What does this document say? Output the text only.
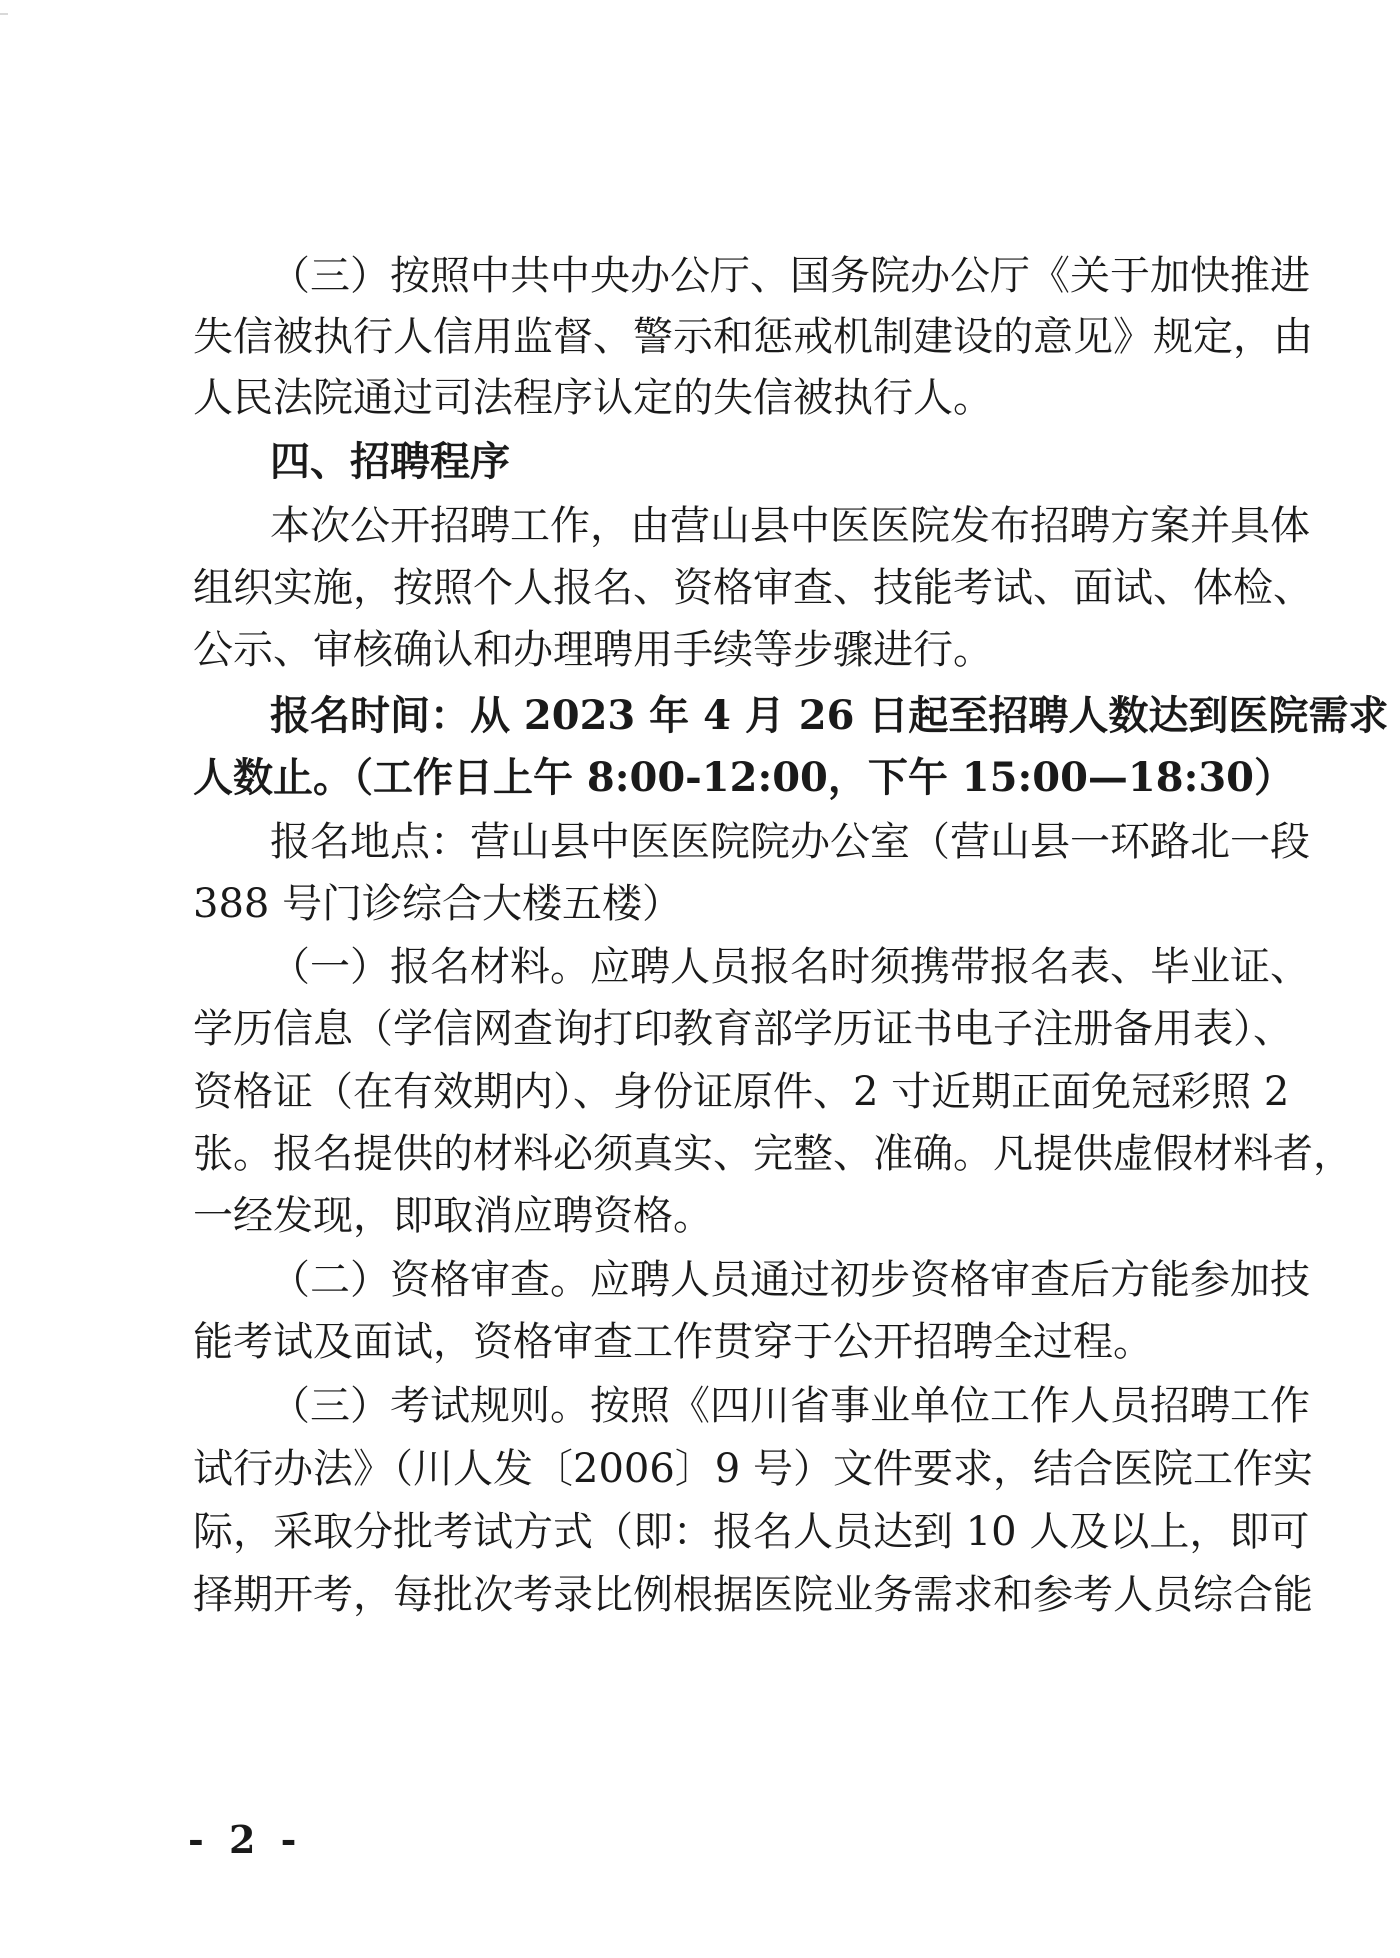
（三）按照中共中央办公厅、国务院办公厅《关于加快推进
失信被执行人信用监督、警示和惩戒机制建设的意见》规定，由
人民法院通过司法程序认定的失信被执行人。
四、招聘程序
本次公开招聘工作，由营山县中医医院发布招聘方案并具体
组织实施，按照个人报名、资格审查、技能考试、面试、体检、
公示、审核确认和办理聘用手续等步骤进行。
报名时间：从 2023 年 4 月 26 日起至招聘人数达到医院需求
人数止。（工作日上午 8:00-12:00，下午 15:00—18:30）
报名地点：营山县中医医院院办公室（营山县一环路北一段
388 号门诊综合大楼五楼）
（一）报名材料。应聘人员报名时须携带报名表、毕业证、
学历信息（学信网查询打印教育部学历证书电子注册备用表）、
资格证（在有效期内）、身份证原件、2 寸近期正面免冠彩照 2
张。报名提供的材料必须真实、完整、准确。凡提供虚假材料者，
一经发现，即取消应聘资格。
（二）资格审查。应聘人员通过初步资格审查后方能参加技
能考试及面试，资格审查工作贯穿于公开招聘全过程。
（三）考试规则。按照《四川省事业单位工作人员招聘工作
试行办法》（川人发〔2006〕9 号）文件要求，结合医院工作实
际，采取分批考试方式（即：报名人员达到 10 人及以上，即可
择期开考，每批次考录比例根据医院业务需求和参考人员综合能
- 2 -
